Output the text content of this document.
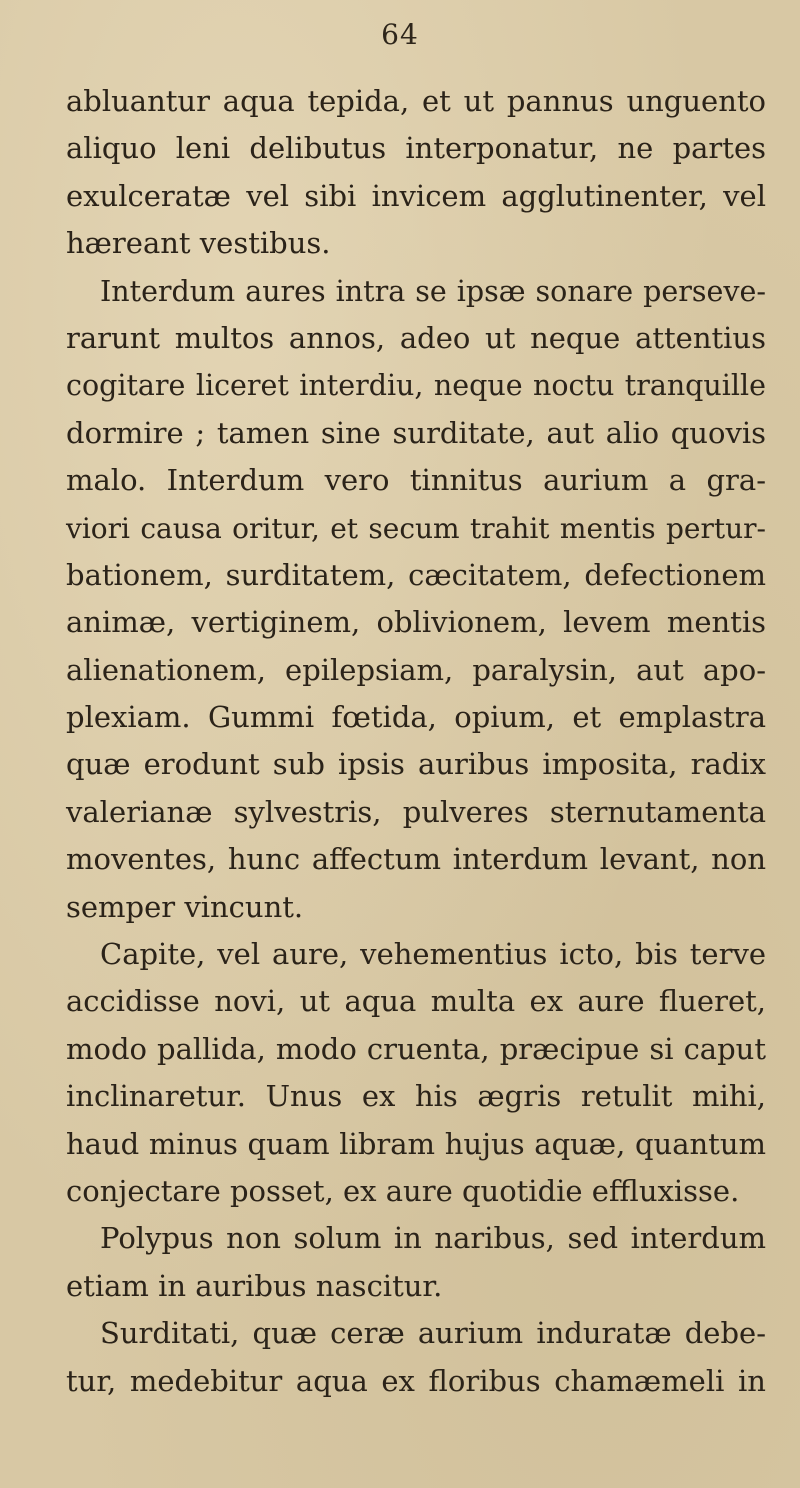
64
abluantur aqua tepida, et ut pannus unguento
aliquo leni delibutus interponatur, ne partes
exulceratæ vel sibi invicem agglutinenter, vel
hæreant vestibus.
Interdum aures intra se ipsæ sonare perseve-
rarunt multos annos, adeo ut neque attentius
cogitare liceret interdiu, neque noctu tranquille
dormire ; tamen sine surditate, aut alio quovis
malo. Interdum vero tinnitus aurium a gra-
viori causa oritur, et secum trahit mentis pertur-
bationem, surditatem, cæcitatem, defectionem
animæ, vertiginem, oblivionem, levem mentis
alienationem, epilepsiam, paralysin, aut apo-
plexiam. Gummi fœtida, opium, et emplastra
quæ erodunt sub ipsis auribus imposita, radix
valerianæ sylvestris, pulveres sternutamenta
moventes, hunc affectum interdum levant, non
semper vincunt.
Capite, vel aure, vehementius icto, bis terve
accidisse novi, ut aqua multa ex aure flueret,
modo pallida, modo cruenta, præcipue si caput
inclinaretur. Unus ex his ægris retulit mihi,
haud minus quam libram hujus aquæ, quantum
conjectare posset, ex aure quotidie effluxisse.
Polypus non solum in naribus, sed interdum
etiam in auribus nascitur.
Surditati, quæ ceræ aurium induratæ debe-
tur, medebitur aqua ex floribus chamæmeli in
